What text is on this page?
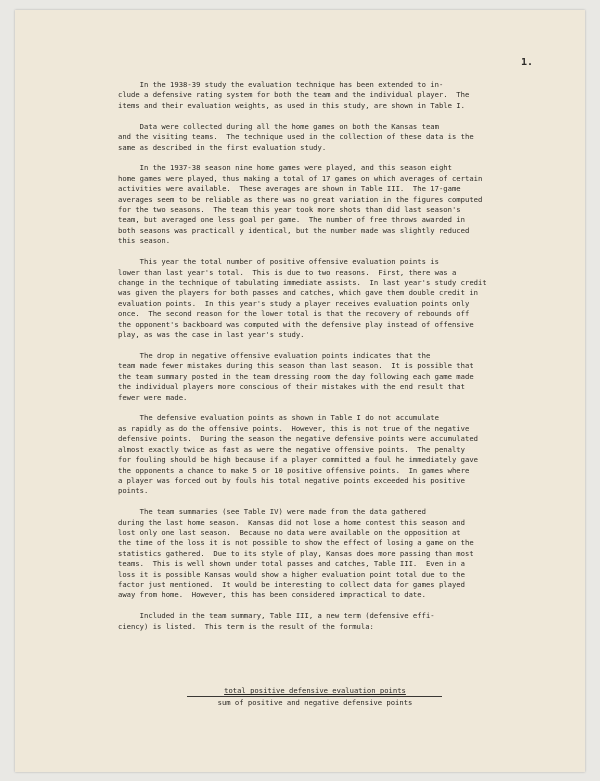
1.

In the 1938-39 study the evaluation technique has been extended to in-
clude a defensive rating system for both the team and the individual player.  The
items and their evaluation weights, as used in this study, are shown in Table I.

Data were collected during all the home games on both the Kansas team
and the visiting teams.  The technique used in the collection of these data is the
same as described in the first evaluation study.

In the 1937-38 season nine home games were played, and this season eight
home games were played, thus making a total of 17 games on which averages of certain
activities were available.  These averages are shown in Table III.  The 17-game
averages seem to be reliable as there was no great variation in the figures computed
for the two seasons.  The team this year took more shots than did last season's
team, but averaged one less goal per game.  The number of free throws awarded in
both seasons was practicall y identical, but the number made was slightly reduced
this season.

This year the total number of positive offensive evaluation points is
lower than last year's total.  This is due to two reasons.  First, there was a
change in the technique of tabulating immediate assists.  In last year's study credit
was given the players for both passes and catches, which gave them double credit in
evaluation points.  In this year's study a player receives evaluation points only
once.  The second reason for the lower total is that the recovery of rebounds off
the opponent's backboard was computed with the defensive play instead of offensive
play, as was the case in last year's study.

The drop in negative offensive evaluation points indicates that the
team made fewer mistakes during this season than last season.  It is possible that
the team summary posted in the team dressing room the day following each game made
the individual players more conscious of their mistakes with the end result that
fewer were made.

The defensive evaluation points as shown in Table I do not accumulate
as rapidly as do the offensive points.  However, this is not true of the negative
defensive points.  During the season the negative defensive points were accumulated
almost exactly twice as fast as were the negative offensive points.  The penalty
for fouling should be high because if a player committed a foul he immediately gave
the opponents a chance to make 5 or 10 positive offensive points.  In games where
a player was forced out by fouls his total negative points exceeded his positive
points.

The team summaries (see Table IV) were made from the data gathered
during the last home season.  Kansas did not lose a home contest this season and
lost only one last season.  Because no data were available on the opposition at
the time of the loss it is not possible to show the effect of losing a game on the
statistics gathered.  Due to its style of play, Kansas does more passing than most
teams.  This is well shown under total passes and catches, Table III.  Even in a
loss it is possible Kansas would show a higher evaluation point total due to the
factor just mentioned.  It would be interesting to collect data for games played
away from home.  However, this has been considered impractical to date.

Included in the team summary, Table III, a new term (defensive effi-
ciency) is listed.  This term is the result of the formula:

total positive defensive evaluation points
sum of positive and negative defensive points
